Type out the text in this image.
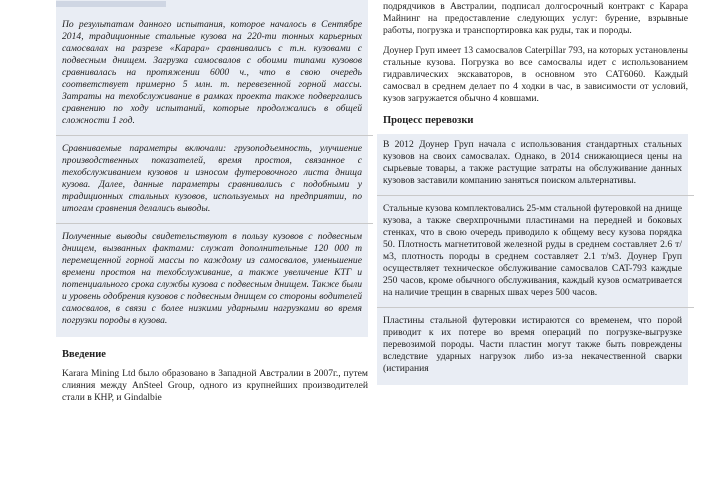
По результатам данного испытания, которое началось в Сентябре 2014, традиционные стальные кузова на 220-ти тонных карьерных самосвалах на разрезе «Карара» сравнивались с т.н. кузовами с подвесным днищем. Загрузка самосвалов с обоими типами кузовов сравнивалась на протяжении 6000 ч., что в свою очередь соответствует примерно 5 млн. т. перевезенной горной массы. Затраты на техобслуживание в рамках проекта также подвергались сравнению по ходу испытаний, которые продолжались в общей сложности 1 год.

Сравниваемые параметры включали: грузоподъемность, улучшение производственных показателей, время простоя, связанное с техобслуживанием кузовов и износом футеровочного листа днища кузова. Далее, данные параметры сравнивались с подобными у традиционных стальных кузовов, используемых на предприятии, по итогам сравнения делались выводы.

Полученные выводы свидетельствуют в пользу кузовов с подвесным днищем, вызванных фактами: служат дополнительные 120 000 т перемещенной горной массы по каждому из самосвалов, уменьшение времени простоя на техобслуживание, а также увеличение КТГ и потенциального срока службы кузова с подвесным днищем. Также были и уровень одобрения кузовов с подвесным днищем со стороны водителей самосвалов, в связи с более низкими ударными нагрузками во время погрузки породы в кузова.

Введение

Karara Mining Ltd было образовано в Западной Австралии в 2007г., путем слияния между AnSteel Group, одного из крупнейших производителей стали в КНР, и Gindalbie

подрядчиков в Австралии, подписал долгосрочный контракт с Карара Майнинг на предоставление следующих услуг: бурение, взрывные работы, погрузка и транспортировка как руды, так и породы.

Доунер Груп имеет 13 самосвалов Caterpillar 793, на которых установлены стальные кузова. Погрузка во все самосвалы идет с использованием гидравлических экскаваторов, в основном это CAT6060. Каждый самосвал в среднем делает по 4 ходки в час, в зависимости от условий, кузов загружается обычно 4 ковшами.

Процесс перевозки

В 2012 Доунер Груп начала с использования стандартных стальных кузовов на своих самосвалах. Однако, в 2014 снижающиеся цены на сырьевые товары, а также растущие затраты на обслуживание данных кузовов заставили компанию заняться поиском альтернативы.

Стальные кузова комплектовались 25-мм стальной футеровкой на днище кузова, а также сверхпрочными пластинами на передней и боковых стенках, что в свою очередь приводило к общему весу кузова порядка 50. Плотность магнетитовой железной руды в среднем составляет 2.6 т/м3, плотность породы в среднем составляет 2.1 т/м3. Доунер Груп осуществляет техническое обслуживание самосвалов CAT-793 каждые 250 часов, кроме обычного обслуживания, каждый кузов осматривается на наличие трещин в сварных швах через 500 часов.

Пластины стальной футеровки истираются со временем, что порой приводит к их потере во время операций по погрузке-выгрузке перевозимой породы. Части пластин могут также быть повреждены вследствие ударных нагрузок либо из-за некачественной сварки (истирания
